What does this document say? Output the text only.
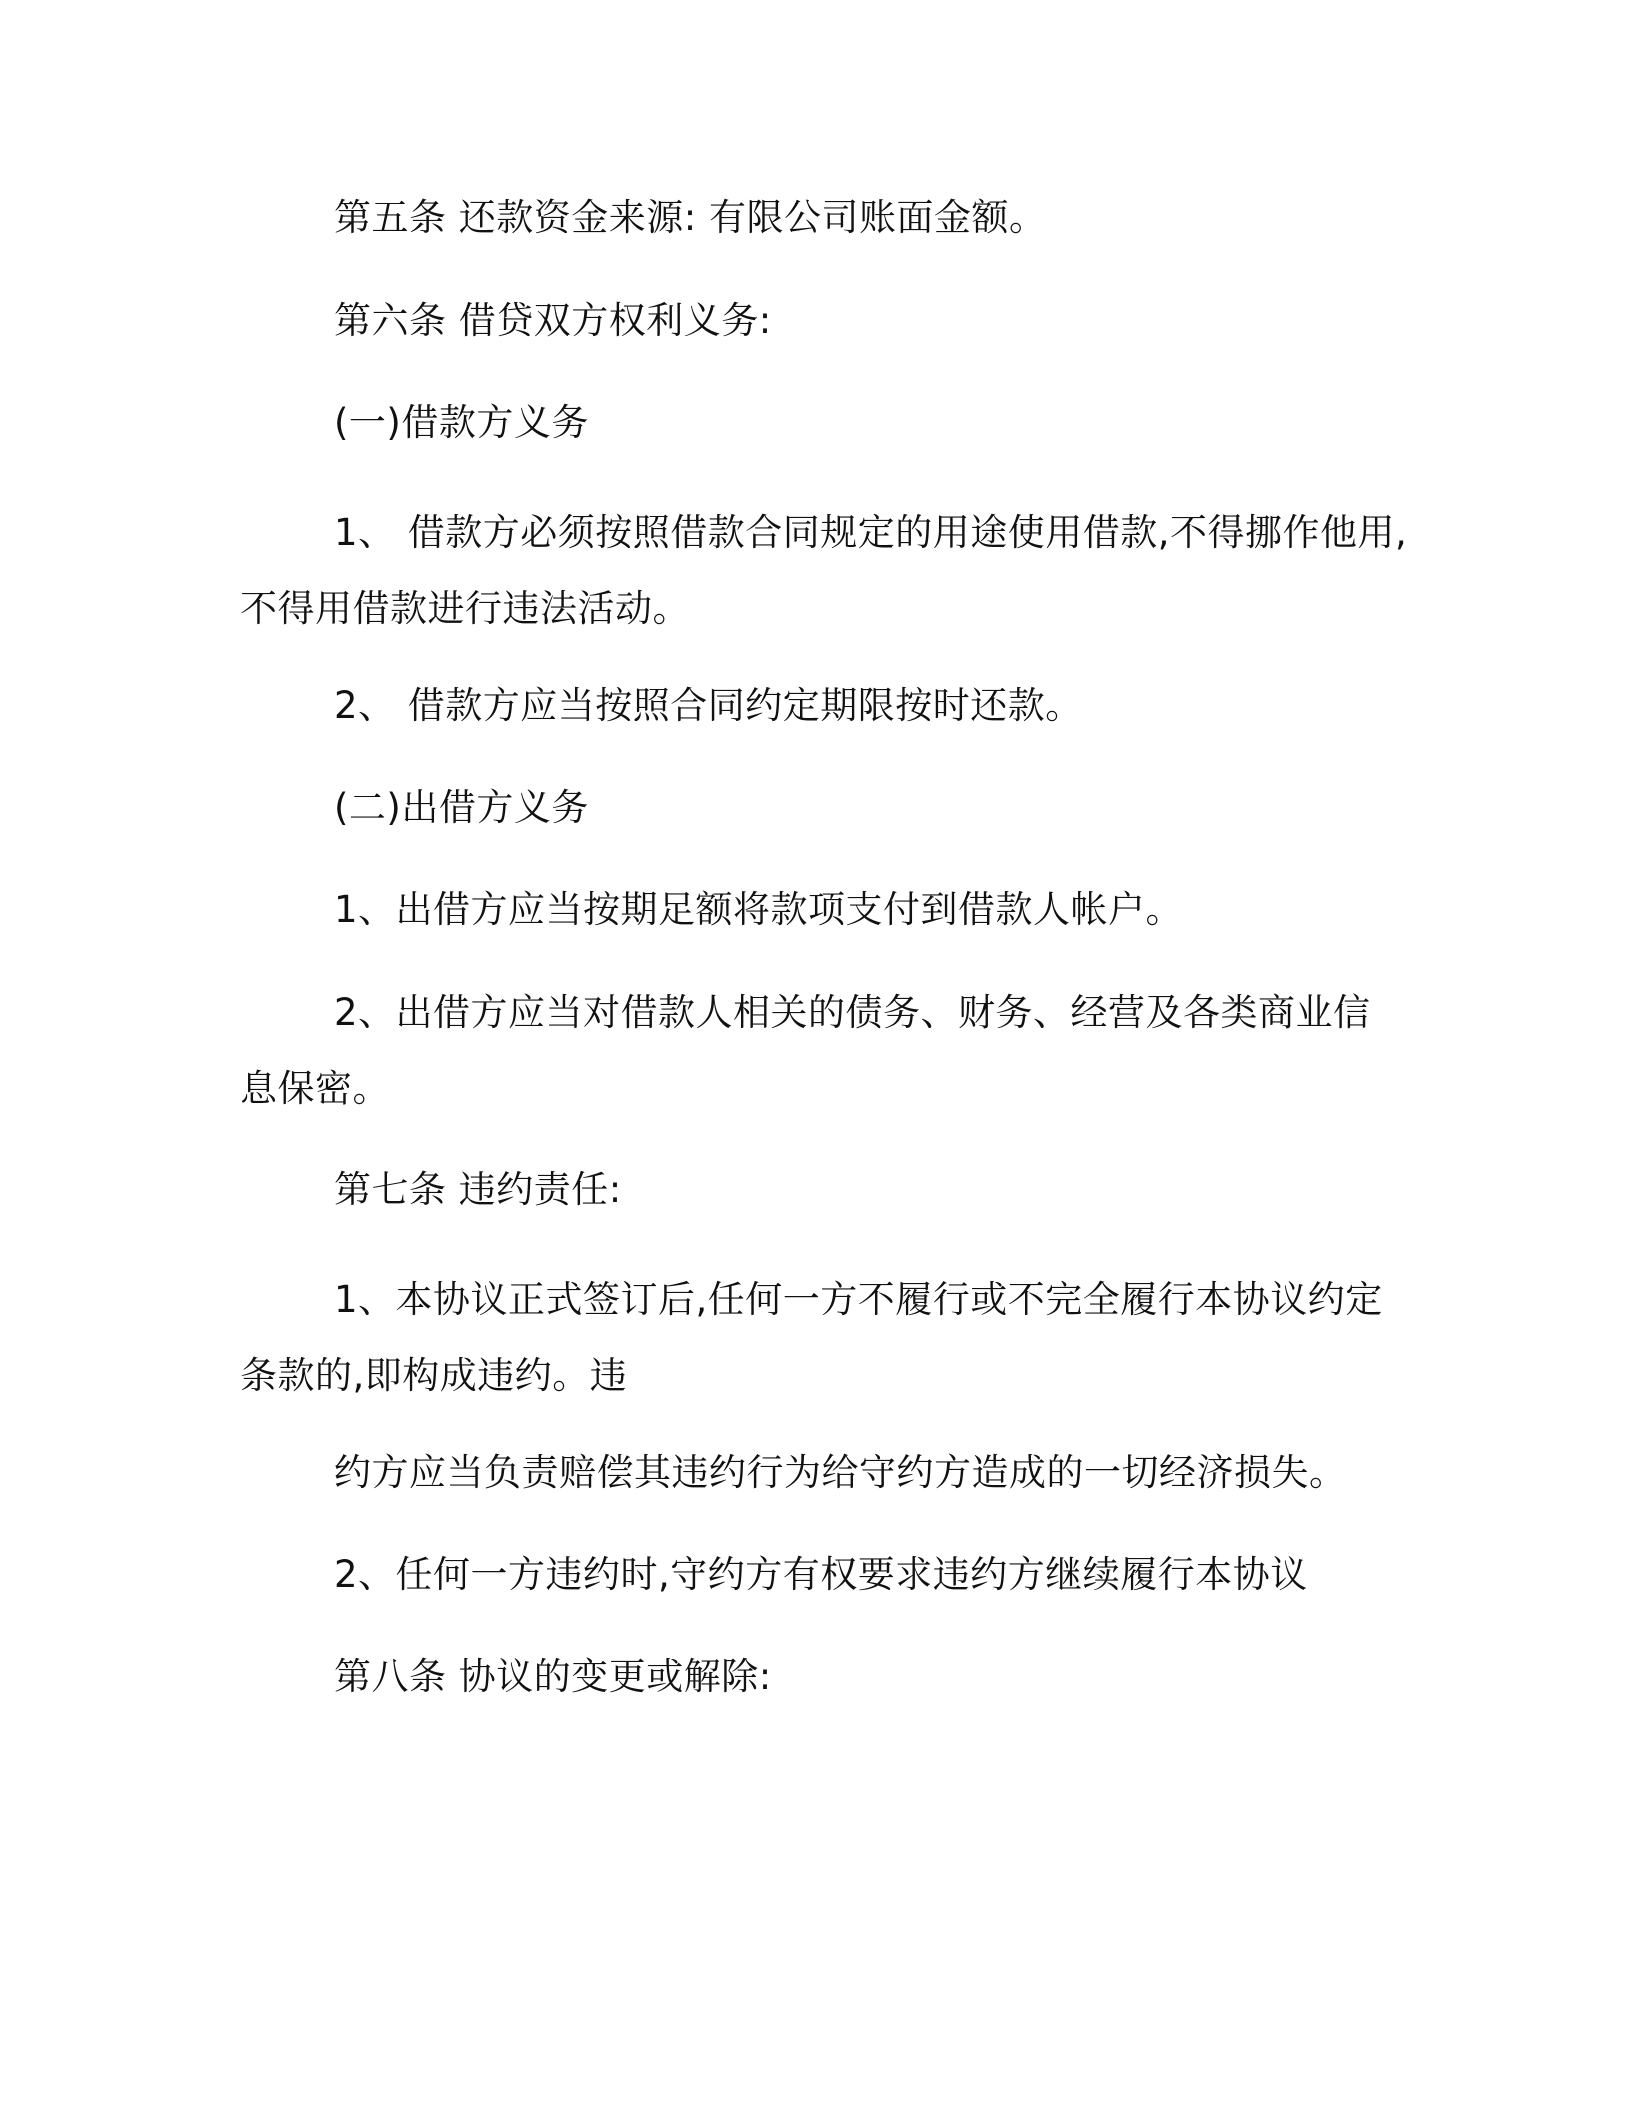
第五条 还款资金来源: 有限公司账面金额。
第六条 借贷双方权利义务:
(一)借款方义务
1、 借款方必须按照借款合同规定的用途使用借款,不得挪作他用,
不得用借款进行违法活动。
2、 借款方应当按照合同约定期限按时还款。
(二)出借方义务
1、出借方应当按期足额将款项支付到借款人帐户。
2、出借方应当对借款人相关的债务、财务、经营及各类商业信
息保密。
第七条 违约责任:
1、本协议正式签订后,任何一方不履行或不完全履行本协议约定
条款的,即构成违约。违
约方应当负责赔偿其违约行为给守约方造成的一切经济损失。
2、任何一方违约时,守约方有权要求违约方继续履行本协议
第八条 协议的变更或解除:
